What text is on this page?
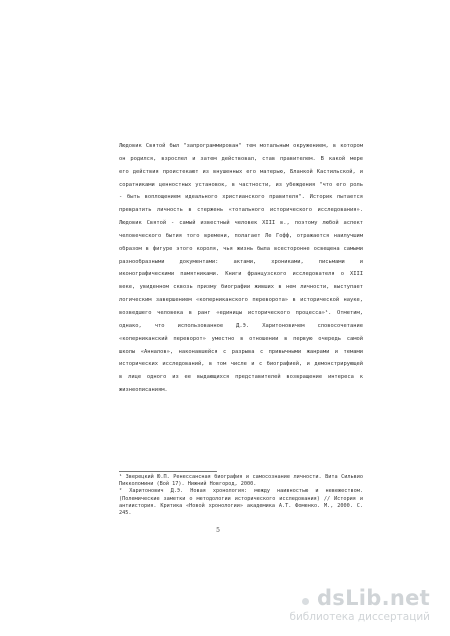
Людовик Святой был "запрограммирован" тем мотальным окружением, в котором он родился, взрослел и затем действовал, став правителем. В какой мере его действия проистекают из внушенных его матерью, Бланкой Кастильской, и соратниками ценностных установок, в частности, из убеждения "что его роль - быть воплощением идеального христианского правителя". Историк пытается превратить личность в стержень «тотального исторического исследования». Людовик Святой - самый известный человек XIII в., поэтому любой аспект человеческого бытия того времени, полагает Ле Гофф, отражается наилучшим образом в фигуре этого короля, чья жизнь была всесторонне освещена самыми разнообразными документами: актами, хрониками, письмами и иконографическими памятниками. Книги французского исследователя о XIII веке, увиденном сквозь призму биографии живших в нем личности, выступает логическим завершением «коперниканского переворота» в исторической науке, возведшего человека в ранг «единицы исторического процесса»¹. Отметим, однако, что использованное Д.Э. Харитоновичем словосочетание «коперниканский переворот» уместно в отношении в первую очередь самой школы «Анналов», наконавшейся с разрыва с привычными жанрами и темами исторических исследований, в том числе и с биографией, и демонстрирующей в лице одного из ее выдающихся представителей возвращение интереса к жизнеописаниям.

¹ Зверецкий Ю.П. Ренессансная биография и самосознание личности. Вита Сильвио Пикколомини (Вой 17). Нижний Новгород, 2000.

² Харитонович Д.Э. Новая хронология: между наивностью и невежеством. (Полемические заметки о методологии исторического исследования) // История и антиистория. Критика «Новой хронологии» академика А.Т. Фоменко. М., 2000. С. 245.

5
dsLib.net
библиотека диссертаций
